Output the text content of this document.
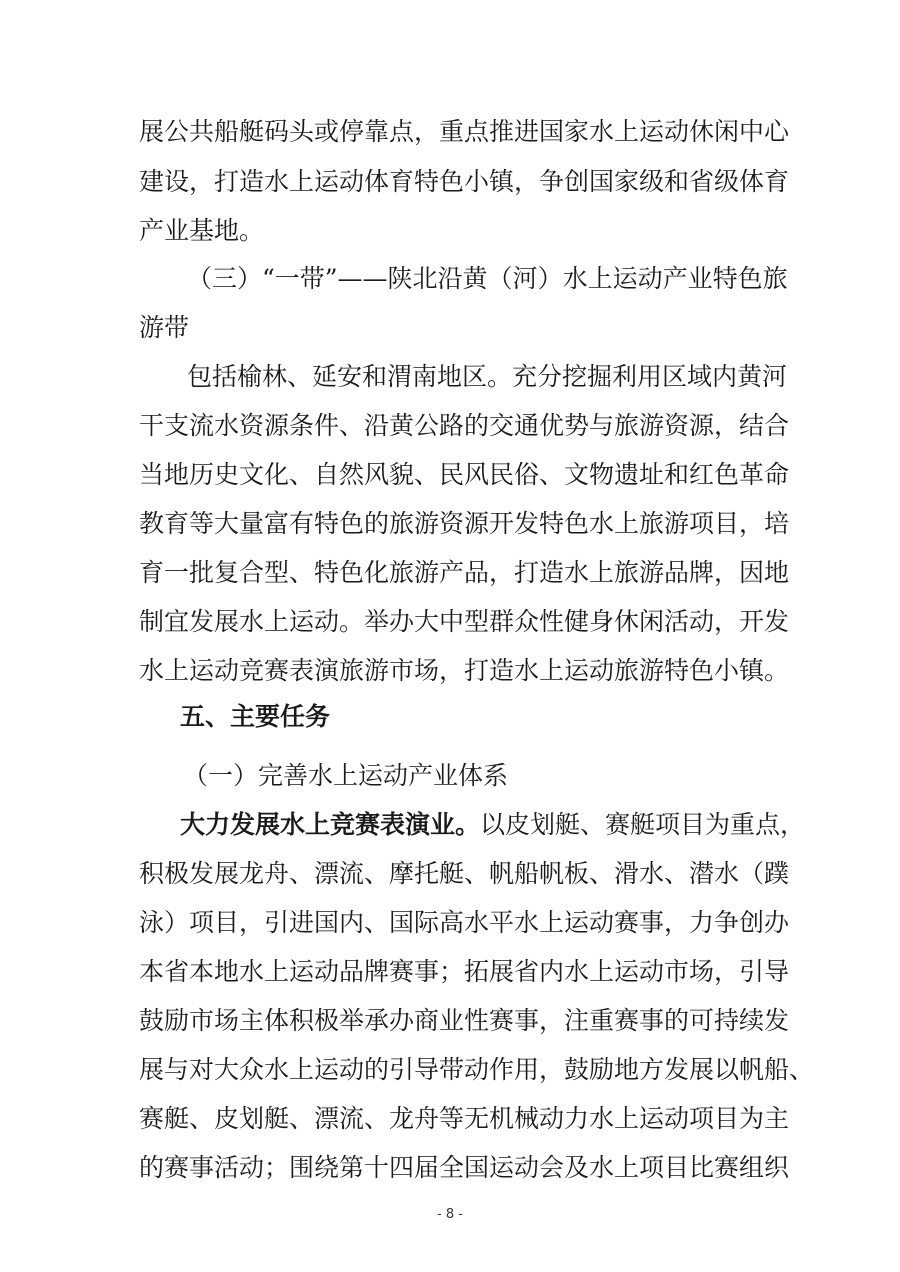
展公共船艇码头或停靠点，重点推进国家水上运动休闲中心

建设，打造水上运动体育特色小镇，争创国家级和省级体育

产业基地。

（三）“一带”——陕北沿黄（河）水上运动产业特色旅

游带

包括榆林、延安和渭南地区。充分挖掘利用区域内黄河

干支流水资源条件、沿黄公路的交通优势与旅游资源，结合

当地历史文化、自然风貌、民风民俗、文物遗址和红色革命

教育等大量富有特色的旅游资源开发特色水上旅游项目，培

育一批复合型、特色化旅游产品，打造水上旅游品牌，因地

制宜发展水上运动。举办大中型群众性健身休闲活动，开发

水上运动竞赛表演旅游市场，打造水上运动旅游特色小镇。

五、主要任务

（一）完善水上运动产业体系

大力发展水上竞赛表演业。以皮划艇、赛艇项目为重点，

积极发展龙舟、漂流、摩托艇、帆船帆板、滑水、潜水（蹼

泳）项目，引进国内、国际高水平水上运动赛事，力争创办

本省本地水上运动品牌赛事；拓展省内水上运动市场，引导

鼓励市场主体积极举承办商业性赛事，注重赛事的可持续发

展与对大众水上运动的引导带动作用，鼓励地方发展以帆船、

赛艇、皮划艇、漂流、龙舟等无机械动力水上运动项目为主

的赛事活动；围绕第十四届全国运动会及水上项目比赛组织

- 8 -
